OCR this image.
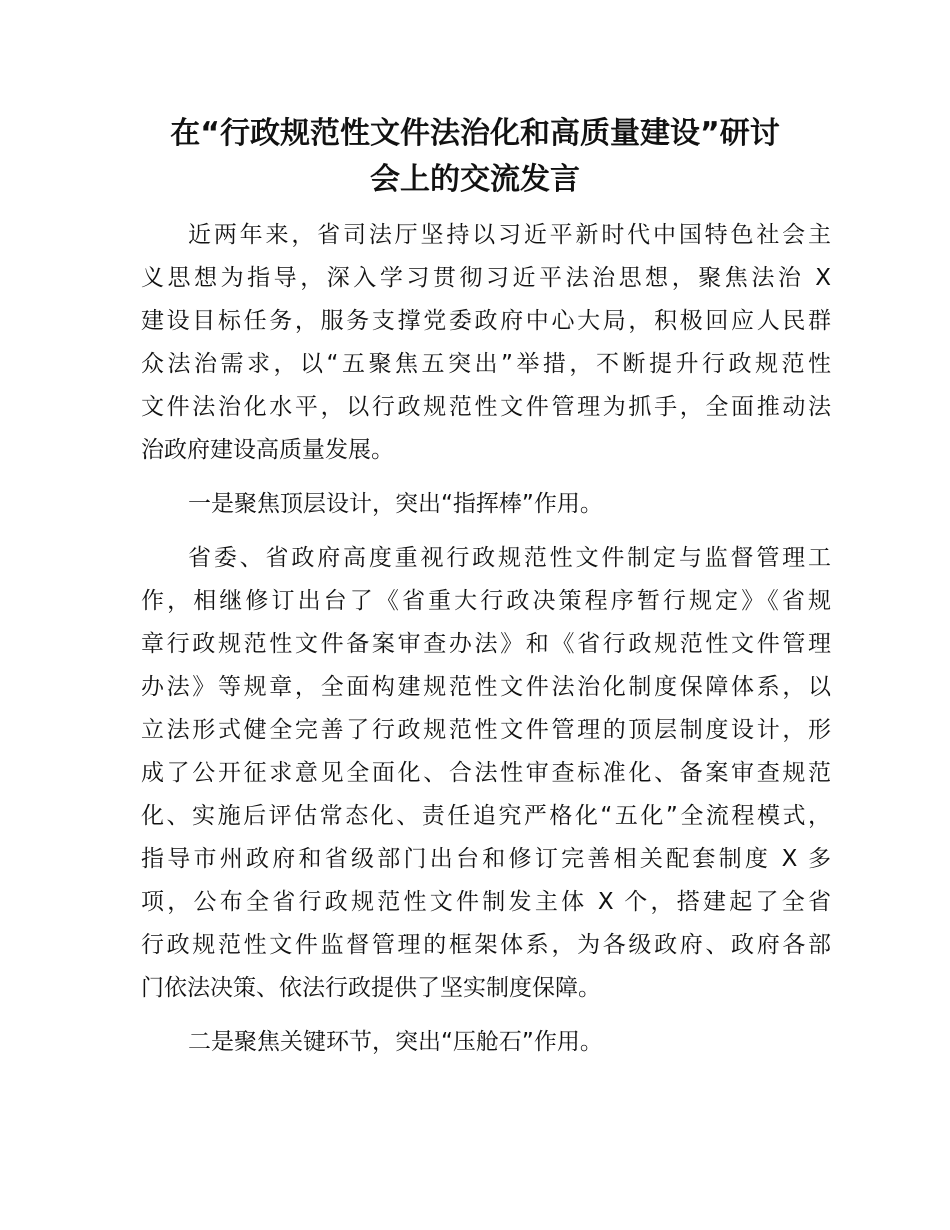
在“行政规范性文件法治化和高质量建设”研讨
会上的交流发言
近两年来，省司法厅坚持以习近平新时代中国特色社会主
义思想为指导，深入学习贯彻习近平法治思想，聚焦法治 X
建设目标任务，服务支撑党委政府中心大局，积极回应人民群
众法治需求，以“五聚焦五突出”举措，不断提升行政规范性
文件法治化水平，以行政规范性文件管理为抓手，全面推动法
治政府建设高质量发展。
一是聚焦顶层设计，突出“指挥棒”作用。
省委、省政府高度重视行政规范性文件制定与监督管理工
作，相继修订出台了《省重大行政决策程序暂行规定》《省规
章行政规范性文件备案审查办法》和《省行政规范性文件管理
办法》等规章，全面构建规范性文件法治化制度保障体系，以
立法形式健全完善了行政规范性文件管理的顶层制度设计，形
成了公开征求意见全面化、合法性审查标准化、备案审查规范
化、实施后评估常态化、责任追究严格化“五化”全流程模式，
指导市州政府和省级部门出台和修订完善相关配套制度 X 多
项，公布全省行政规范性文件制发主体 X 个，搭建起了全省
行政规范性文件监督管理的框架体系，为各级政府、政府各部
门依法决策、依法行政提供了坚实制度保障。
二是聚焦关键环节，突出“压舱石”作用。
